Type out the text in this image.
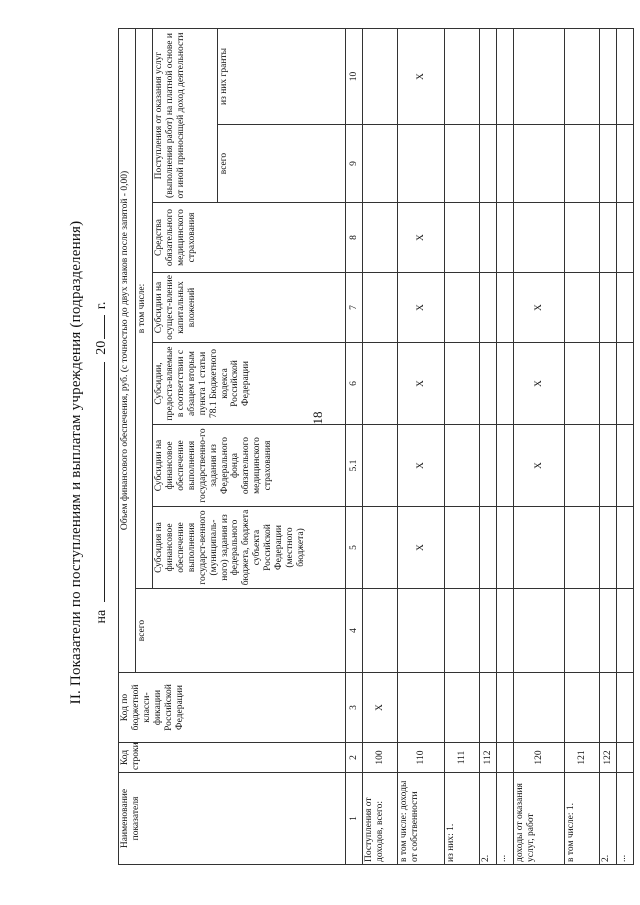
18
II. Показатели по поступлениям и выплатам учреждения (подразделения) на  20 г.
Наименование показателя	Код строки	Код по бюджетной класси-фикации Российской Федерации	Объем финансового обеспечения, руб. (с точностью до двух знаков после запятой - 0,00)							
			всего	в том числе:						
				Субсидия на финансовое обеспечение выполнения государст-венного (муниципаль-ного) задания из федерального бюджета, бюджета субъекта Российской Федерации (местного бюджета)	Субсидии на финансовое обеспечение выполнения государственно-го задания из Федерального фонда обязательного медицинского страхования	Субсидии, предоста-вляемые в соответствии с абзацем вторым пункта 1 статьи 78.1 Бюджетного кодекса Российской Федерации	Субсидии на осущест-вление капитальных вложений	Средства обязательного медицинского страхования	Поступления от оказания услуг (выполнения работ) на платной основе и от иной приносящей доход деятельности	
									всего	из них гранты
1	2	3	4	5	5.1	6	7	8	9	10
Поступления от доходов, всего:	100	X								
в том числе: доходы от собственности	110			X	X	X	X	X		X
из них: 1.	111									
2.	112									
...										
доходы от оказания услуг, работ	120				X	X	X			
в том числе: 1.	121									
2.	122									
...										
